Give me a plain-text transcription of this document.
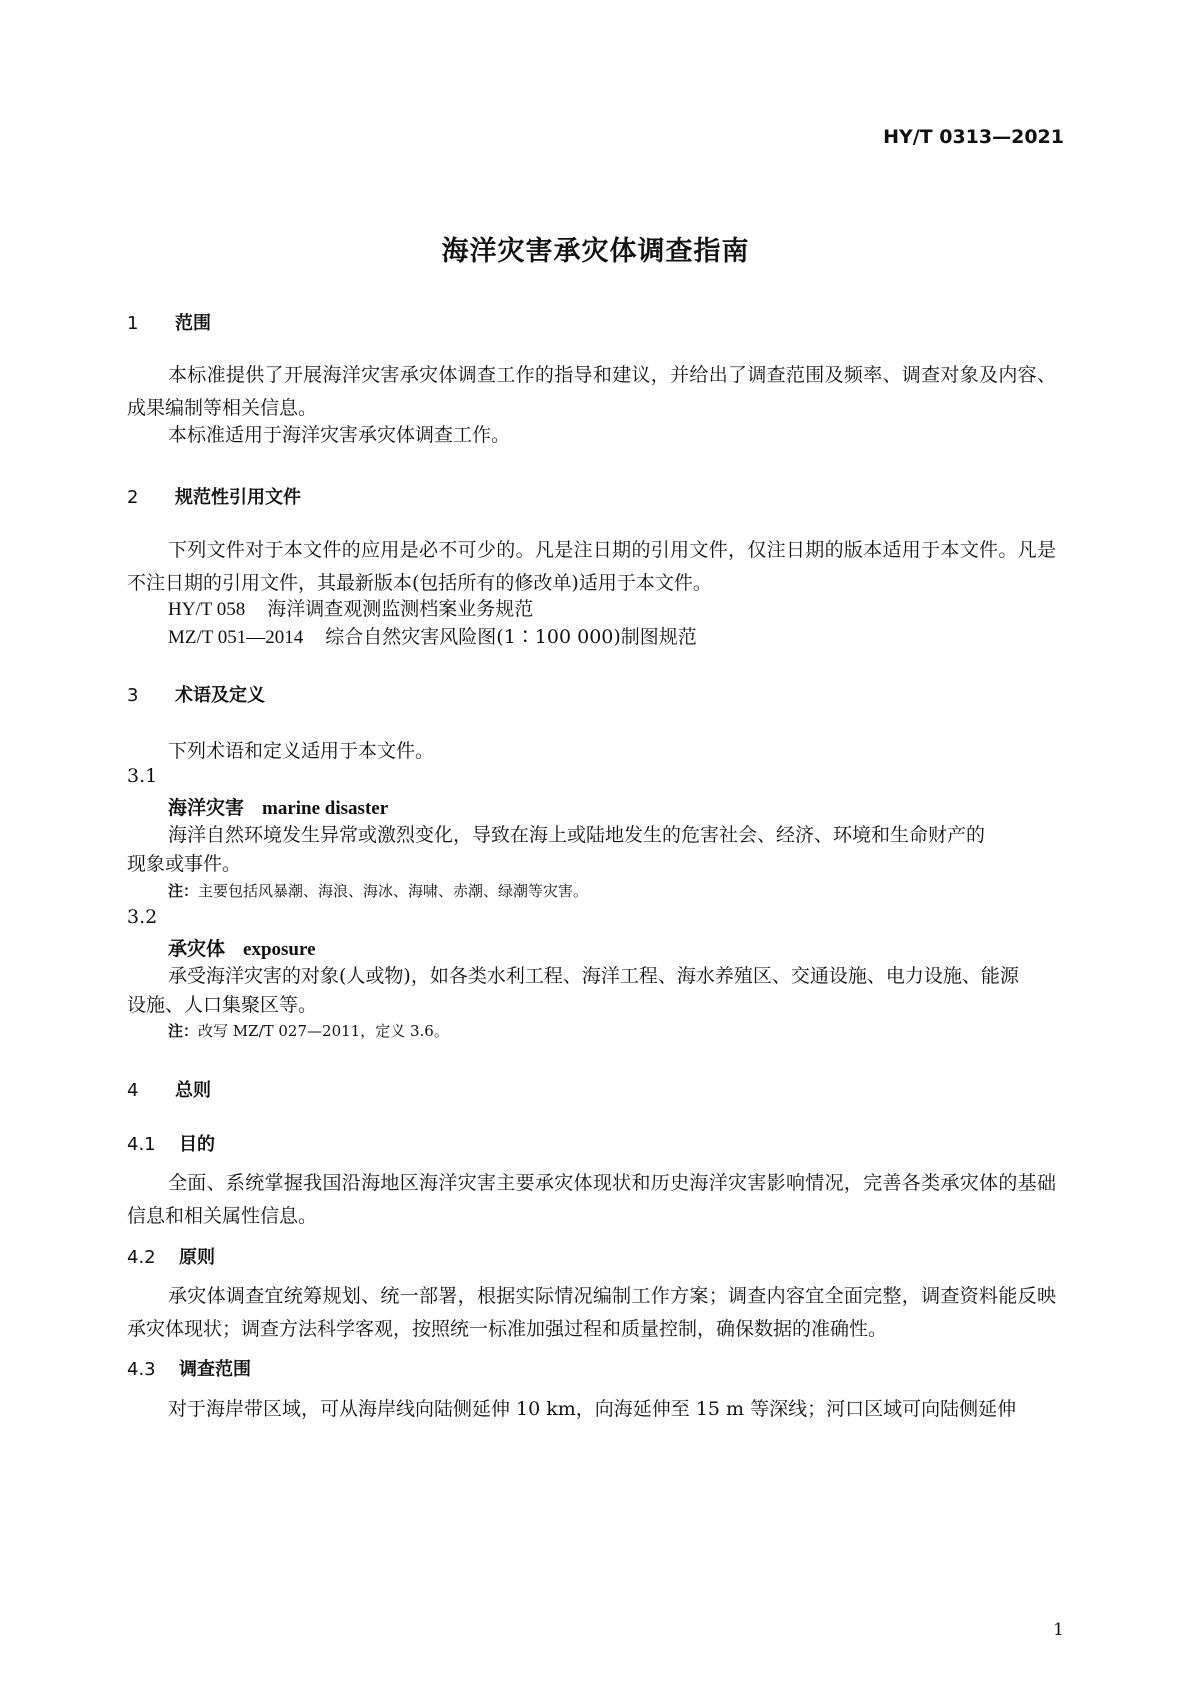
HY/T 0313—2021
海洋灾害承灾体调查指南
1 范围
本标准提供了开展海洋灾害承灾体调查工作的指导和建议，并给出了调查范围及频率、调查对象及内容、成果编制等相关信息。
本标准适用于海洋灾害承灾体调查工作。
2 规范性引用文件
下列文件对于本文件的应用是必不可少的。凡是注日期的引用文件，仅注日期的版本适用于本文件。凡是不注日期的引用文件，其最新版本(包括所有的修改单)适用于本文件。
HY/T 058 海洋调查观测监测档案业务规范
MZ/T 051—2014 综合自然灾害风险图(1∶100 000)制图规范
3 术语及定义
下列术语和定义适用于本文件。
3.1
海洋灾害 marine disaster
海洋自然环境发生异常或激烈变化，导致在海上或陆地发生的危害社会、经济、环境和生命财产的
现象或事件。
注：主要包括风暴潮、海浪、海冰、海啸、赤潮、绿潮等灾害。
3.2
承灾体 exposure
承受海洋灾害的对象(人或物)，如各类水利工程、海洋工程、海水养殖区、交通设施、电力设施、能源
设施、人口集聚区等。
注：改写 MZ/T 027—2011，定义 3.6。
4 总则
4.1 目的
全面、系统掌握我国沿海地区海洋灾害主要承灾体现状和历史海洋灾害影响情况，完善各类承灾体的基础信息和相关属性信息。
4.2 原则
承灾体调查宜统筹规划、统一部署，根据实际情况编制工作方案；调查内容宜全面完整，调查资料能反映承灾体现状；调查方法科学客观，按照统一标准加强过程和质量控制，确保数据的准确性。
4.3 调查范围
对于海岸带区域，可从海岸线向陆侧延伸 10 km，向海延伸至 15 m 等深线；河口区域可向陆侧延伸
1
